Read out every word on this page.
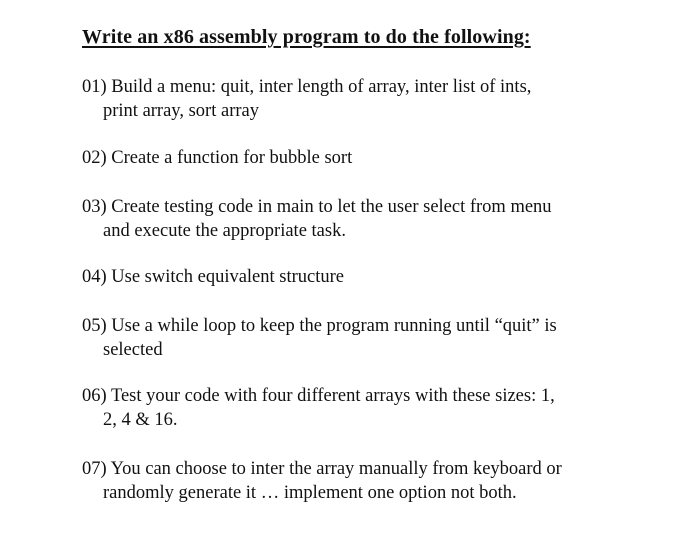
Write an x86 assembly program to do the following:
01) Build a menu: quit, inter length of array, inter list of ints,
print array, sort array
02) Create a function for bubble sort
03) Create testing code in main to let the user select from menu
and execute the appropriate task.
04) Use switch equivalent structure
05) Use a while loop to keep the program running until “quit” is
selected
06) Test your code with four different arrays with these sizes: 1,
2, 4 & 16.
07) You can choose to inter the array manually from keyboard or
randomly generate it … implement one option not both.
